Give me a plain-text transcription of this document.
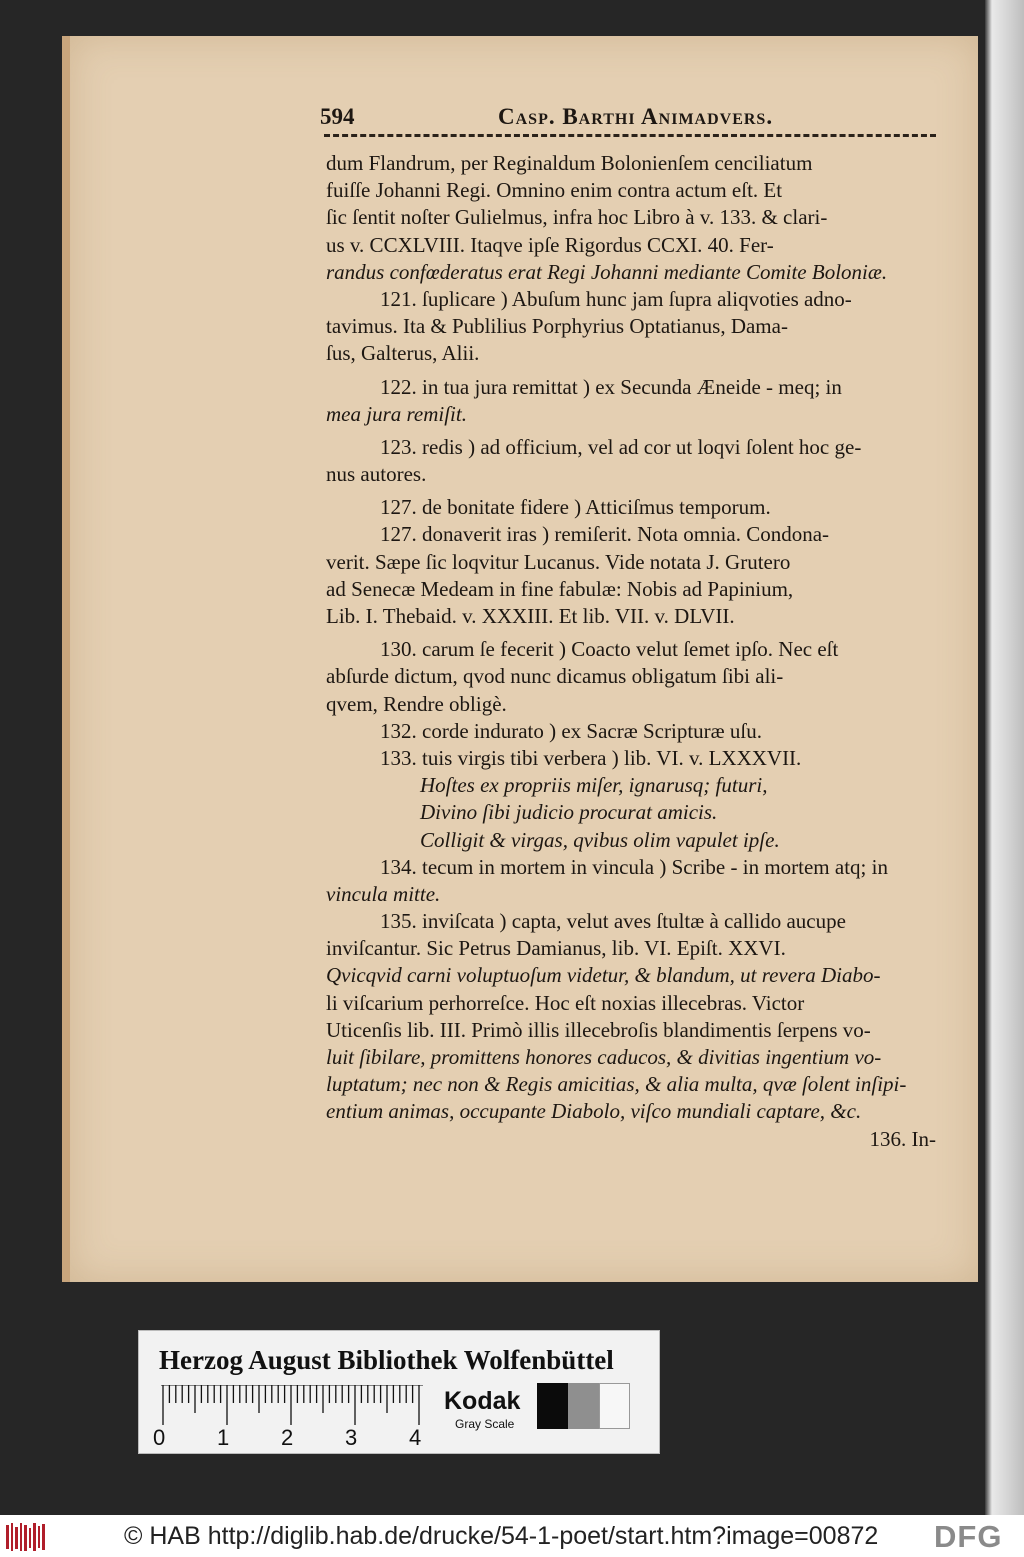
594	Casp. Barthi Animadvers.
dum Flandrum, per Reginaldum Bolonienſem cenciliatum
fuiſſe Johanni Regi. Omnino enim contra actum eſt. Et
ſic ſentit noſter Gulielmus, infra hoc Libro à v. 133. & clari-
us v. CCXLVIII. Itaqve ipſe Rigordus CCXI. 40. Fer-
randus confœderatus erat Regi Johanni mediante Comite Boloniæ.
121. ſuplicare ) Abuſum hunc jam ſupra aliqvoties adno-
tavimus. Ita & Publilius Porphyrius Optatianus, Dama-
ſus, Galterus, Alii.
122. in tua jura remittat ) ex Secunda Æneide - meq; in
mea jura remiſit.
123. redis ) ad officium, vel ad cor ut loqvi ſolent hoc ge-
nus autores.
127. de bonitate fidere ) Atticiſmus temporum.
127. donaverit iras ) remiſerit. Nota omnia. Condona-
verit. Sæpe ſic loqvitur Lucanus. Vide notata J. Grutero
ad Senecæ Medeam in fine fabulæ: Nobis ad Papinium,
Lib. I. Thebaid. v. XXXIII. Et lib. VII. v. DLVII.
130. carum ſe fecerit ) Coacto velut ſemet ipſo. Nec eſt
abſurde dictum, qvod nunc dicamus obligatum ſibi ali-
qvem, Rendre obligè.
132. corde indurato ) ex Sacræ Scripturæ uſu.
133. tuis virgis tibi verbera ) lib. VI. v. LXXXVII.
Hoſtes ex propriis miſer, ignarusq; futuri,
Divino ſibi judicio procurat amicis.
Colligit & virgas, qvibus olim vapulet ipſe.
134. tecum in mortem in vincula ) Scribe - in mortem atq; in
vincula mitte.
135. inviſcata ) capta, velut aves ſtultæ à callido aucupe
inviſcantur. Sic Petrus Damianus, lib. VI. Epiſt. XXVI.
Qvicqvid carni voluptuoſum videtur, & blandum, ut revera Diabo-
li viſcarium perhorreſce. Hoc eſt noxias illecebras. Victor
Uticenſis lib. III. Primò illis illecebroſis blandimentis ſerpens vo-
luit ſibilare, promittens honores caducos, & divitias ingentium vo-
luptatum; nec non & Regis amicitias, & alia multa, qvæ ſolent inſipi-
entium animas, occupante Diabolo, viſco mundiali captare, &c.
136. In-
Herzog August Bibliothek Wolfenbüttel
0 1 2 3 4
Kodak
Gray Scale
© HAB http://diglib.hab.de/drucke/54-1-poet/start.htm?image=00872 DFG
